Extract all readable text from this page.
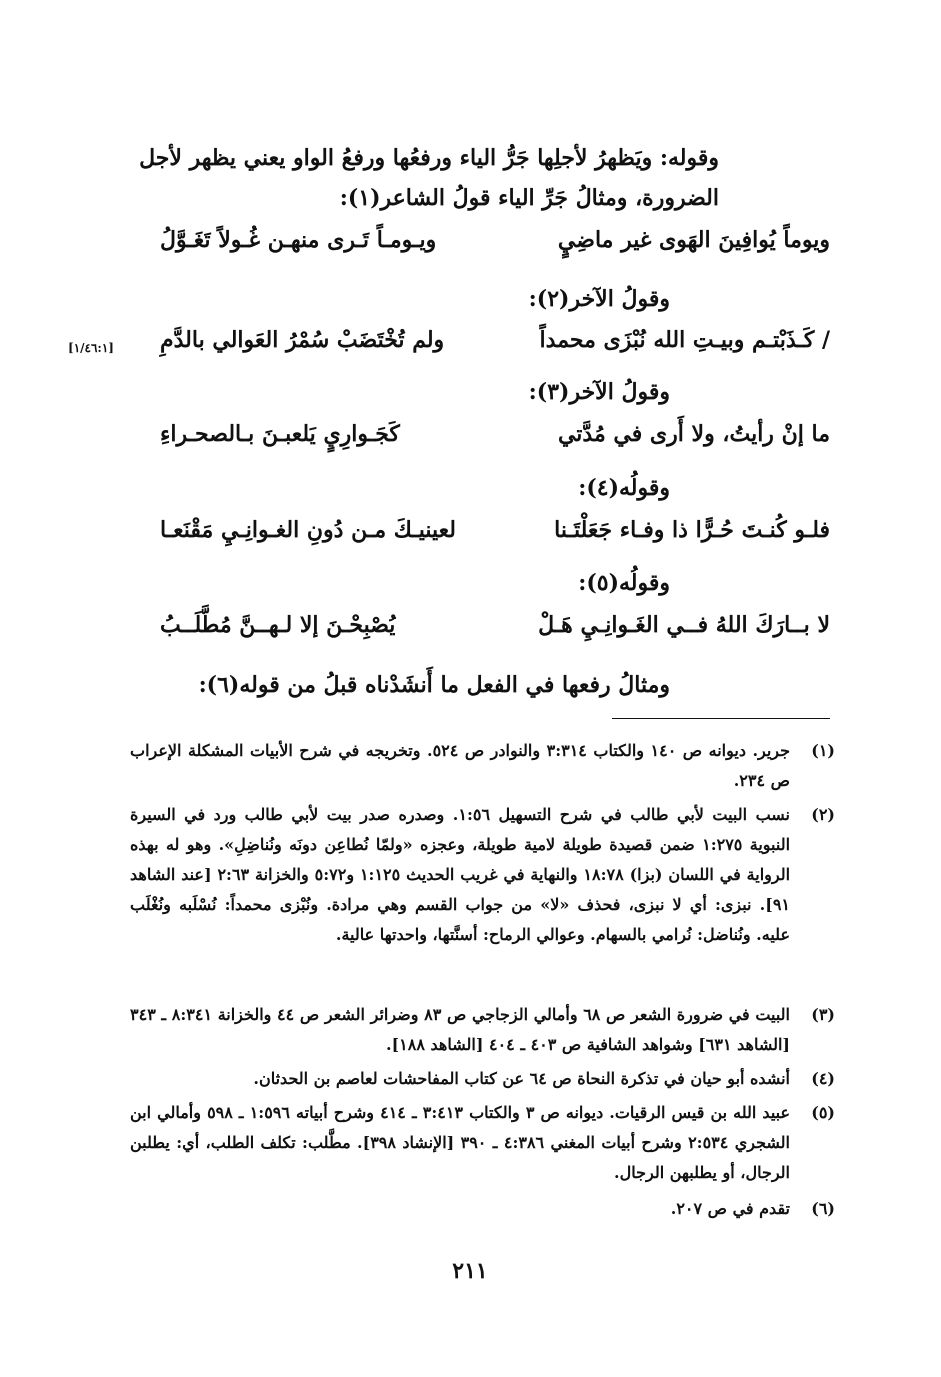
وقوله: ويَظهرُ لأجلِها جَرُّ الياء ورفعُها ورفعُ الواو يعني يظهر لأجل
الضرورة، ومثالُ جَرِّ الياء قولُ الشاعر(١):
ويوماً يُوافِينَ الهَوى غير ماضِيٍ
ويـومـاً تَـرى منهـن غُـولاً تَغَـوَّلُ
وقولُ الآخر(٢):
/ كَـذَبْتـم وبيـتِ الله نُبْزَى محمداً
ولم تُخْتَضَبْ سُمْرُ العَوالي بالدَّمِ
[١/٤٦:١]
وقولُ الآخر(٣):
ما إنْ رأيتُ، ولا أَرى في مُدَّتي
كَجَـوارِيٍ يَلعبـنَ بـالصحـراءِ
وقولُه(٤):
فلـو كُنـتَ حُـرًّا ذا وفـاء جَعَلْتَـنا
لعينيـكَ مـن دُونِ الغـوانِـيِ مَقْنَعـا
وقولُه(٥):
لا بــارَكَ اللهُ فــي الغَـوانِـيِ هَـلْ
يُصْبِحْـنَ إلا لـهــنَّ مُطَّلَــبُ
ومثالُ رفعها في الفعل ما أَنشَدْناه قبلُ من قوله(٦):
(١)
جرير. ديوانه ص ١٤٠ والكتاب ٣:٣١٤ والنوادر ص ٥٢٤. وتخريجه في شرح الأبيات المشكلة الإعراب ص ٢٣٤.
(٢)
نسب البيت لأبي طالب في شرح التسهيل ١:٥٦. وصدره صدر بيت لأبي طالب ورد في السيرة النبوية ١:٢٧٥ ضمن قصيدة طويلة لامية طويلة، وعجزه «ولمّا نُطاعِن دونَه ونُناضِلِ». وهو له بهذه الرواية في اللسان (بزا) ١٨:٧٨ والنهاية في غريب الحديث ١:١٢٥ و٥:٧٢ والخزانة ٢:٦٣ [عند الشاهد ٩١]. نبزى: أي لا نبزى، فحذف «لا» من جواب القسم وهي مرادة. ونُبْزى محمداً: نُسْلَبه ونُغْلَب عليه. ونُناضل: نُرامي بالسهام. وعوالي الرماح: أسنَّتها، واحدتها عالية.
(٣)
البيت في ضرورة الشعر ص ٦٨ وأمالي الزجاجي ص ٨٣ وضرائر الشعر ص ٤٤ والخزانة ٨:٣٤١ ـ ٣٤٣ [الشاهد ٦٣١] وشواهد الشافية ص ٤٠٣ ـ ٤٠٤ [الشاهد ١٨٨].
(٤)
أنشده أبو حيان في تذكرة النحاة ص ٦٤ عن كتاب المفاحشات لعاصم بن الحدثان.
(٥)
عبيد الله بن قيس الرقيات. ديوانه ص ٣ والكتاب ٣:٤١٣ ـ ٤١٤ وشرح أبياته ١:٥٩٦ ـ ٥٩٨ وأمالي ابن الشجري ٢:٥٣٤ وشرح أبيات المغني ٤:٣٨٦ ـ ٣٩٠ [الإنشاد ٣٩٨]. مطَّلب: تكلف الطلب، أي: يطلبن الرجال، أو يطلبهن الرجال.
(٦)
تقدم في ص ٢٠٧.
٢١١
